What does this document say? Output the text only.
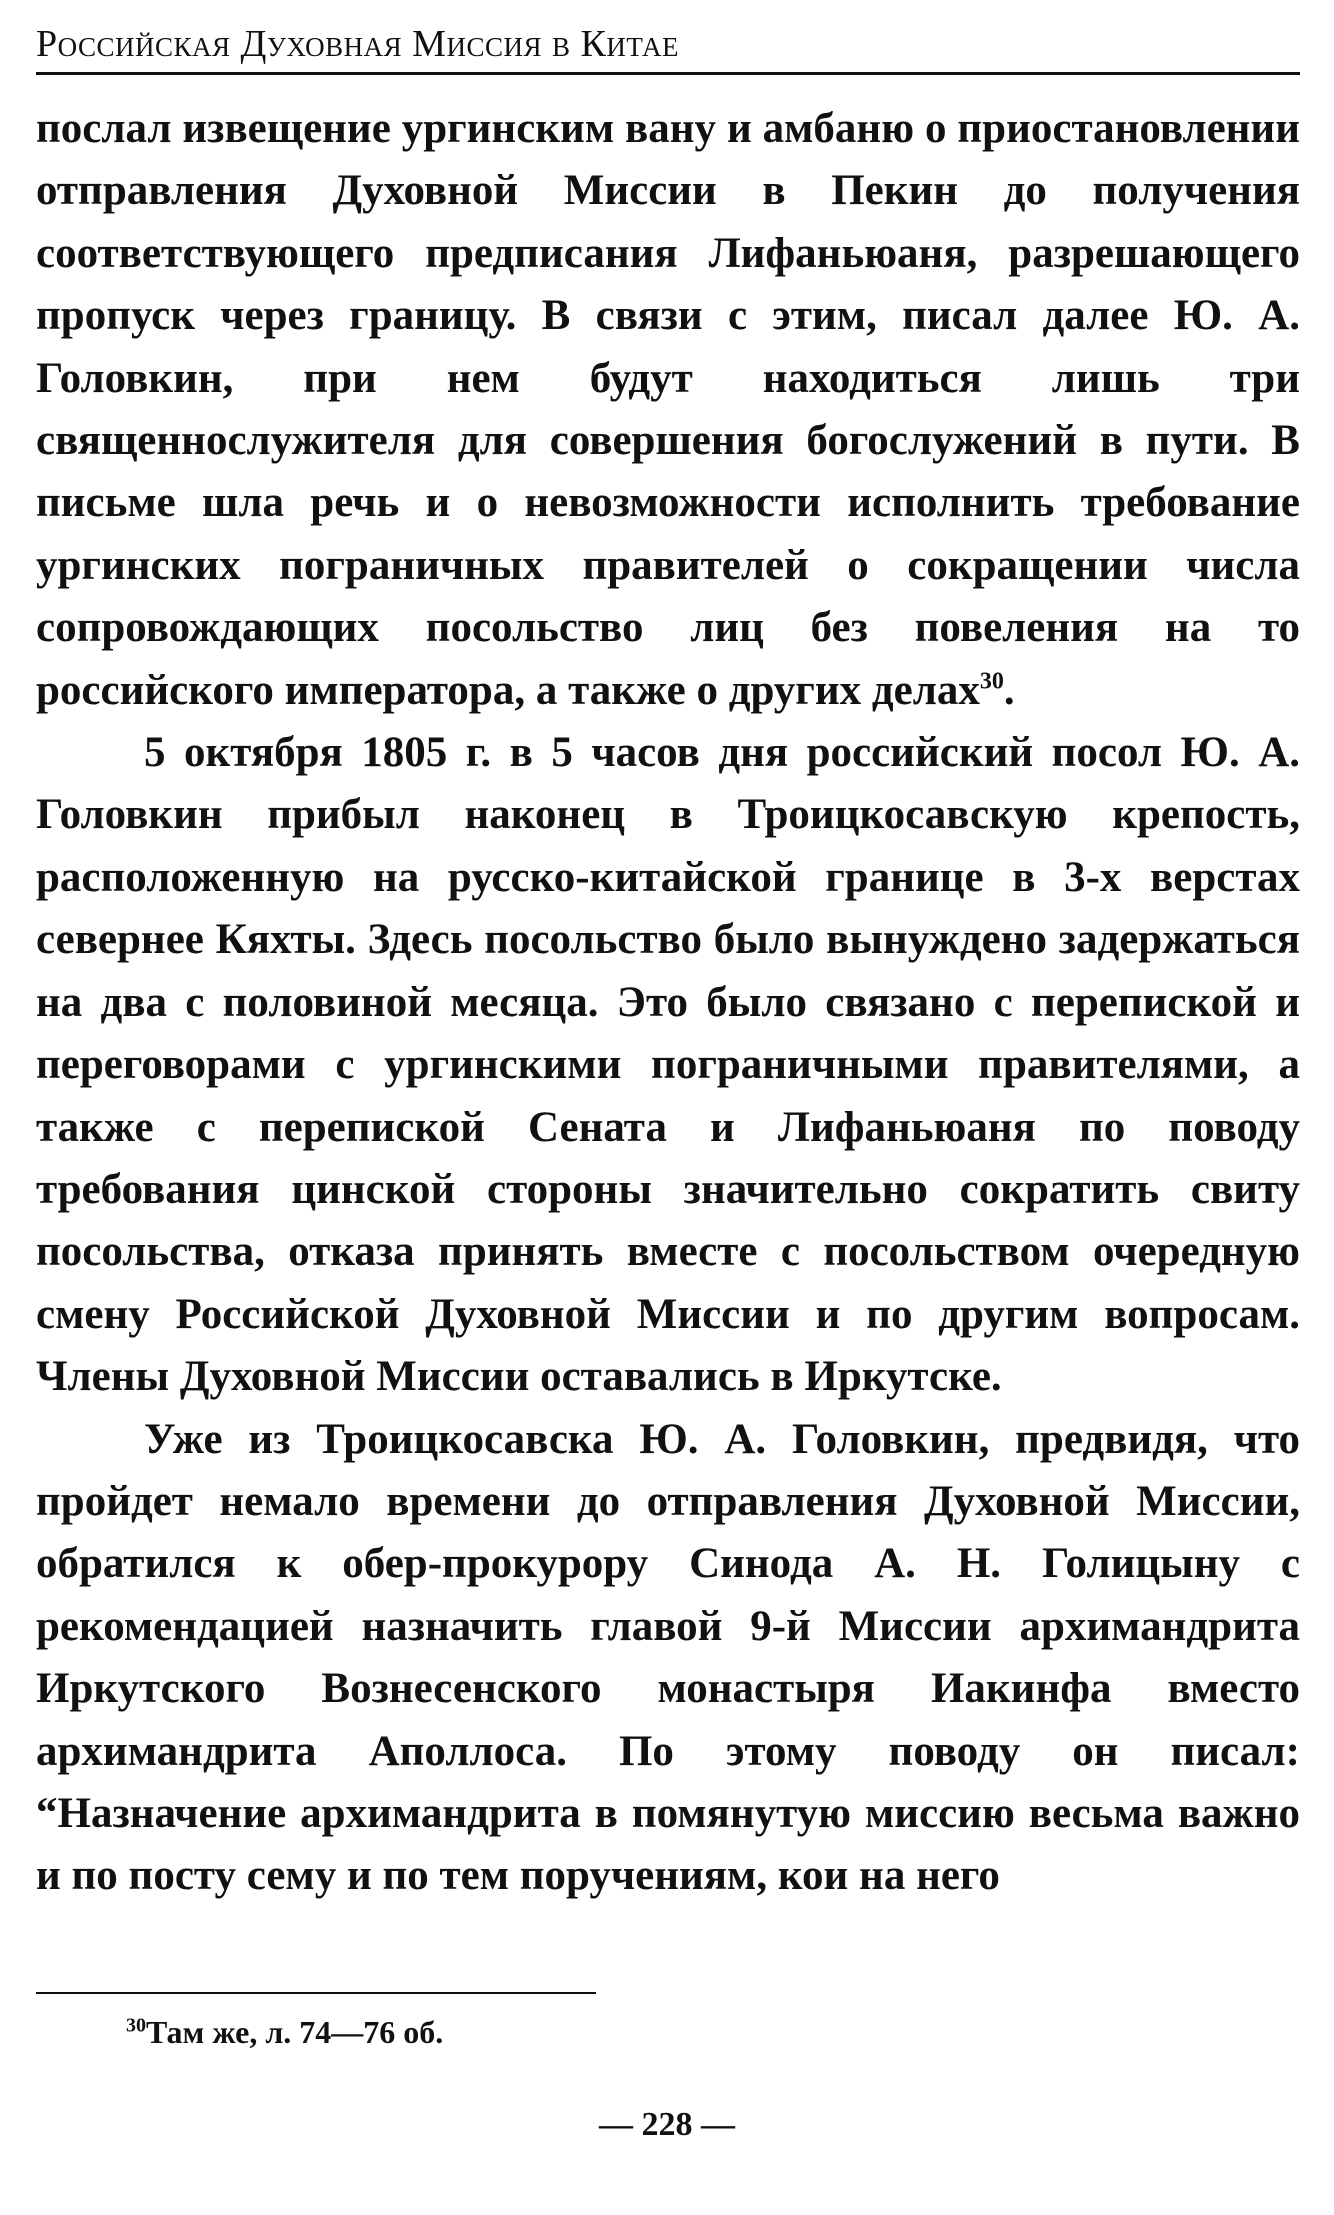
Российская Духовная Миссия в Китае

послал извещение ургинским вану и амбаню о приостановлении отправления Духовной Миссии в Пекин до получения соответствующего предписания Лифаньюаня, разрешающего пропуск через границу. В связи с этим, писал далее Ю. А. Головкин, при нем будут находиться лишь три священнослужителя для совершения богослужений в пути. В письме шла речь и о невозможности исполнить требование ургинских пограничных правителей о сокращении числа сопровождающих посольство лиц без повеления на то российского императора, а также о других делах$^{30}$.

5 октября 1805 г. в 5 часов дня российский посол Ю. А. Головкин прибыл наконец в Троицкосавскую крепость, расположенную на русско-китайской границе в 3-х верстах севернее Кяхты. Здесь посольство было вынуждено задержаться на два с половиной месяца. Это было связано с перепиской и переговорами с ургинскими пограничными правителями, а также с перепиской Сената и Лифаньюаня по поводу требования цинской стороны значительно сократить свиту посольства, отказа принять вместе с посольством очередную смену Российской Духовной Миссии и по другим вопросам. Члены Духовной Миссии оставались в Иркутске.

Уже из Троицкосавска Ю. А. Головкин, предвидя, что пройдет немало времени до отправления Духовной Миссии, обратился к обер-прокурору Синода А. Н. Голицыну с рекомендацией назначить главой 9-й Миссии архимандрита Иркутского Вознесенского монастыря Иакинфа вместо архимандрита Аполлоса. По этому поводу он писал: “Назначение архимандрита в помянутую миссию весьма важно и по посту сему и по тем поручениям, кои на него

$^{30}$Там же, л. 74—76 об.
— 228 —
